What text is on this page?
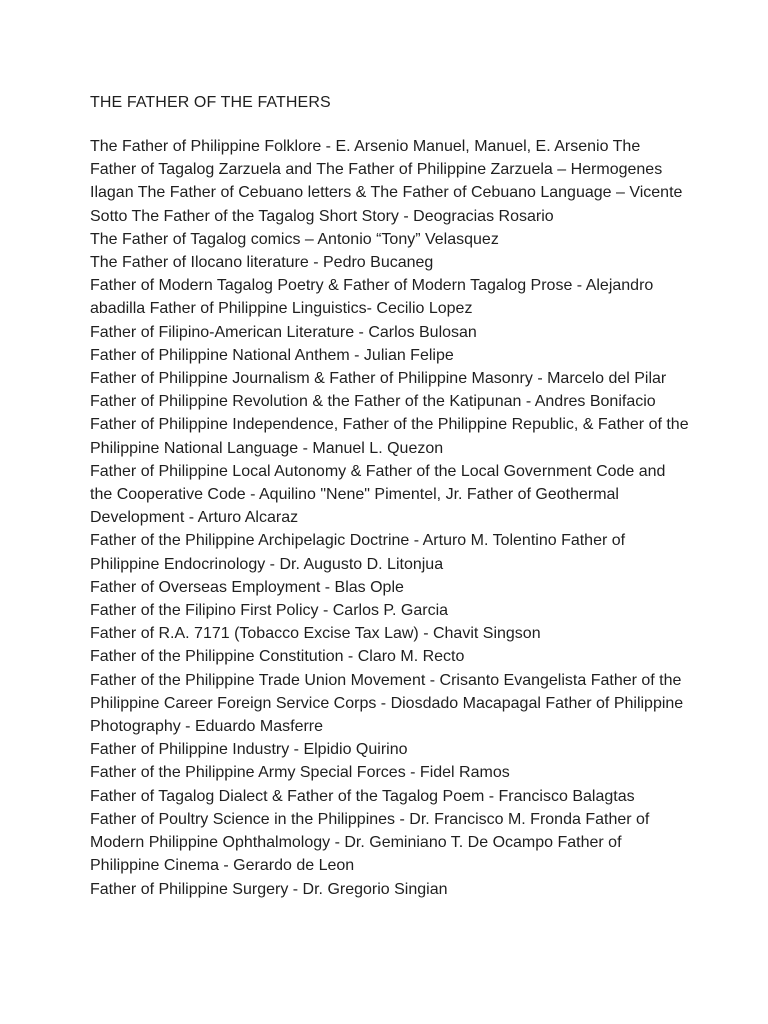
THE FATHER OF THE FATHERS

The Father of Philippine Folklore - E. Arsenio Manuel, Manuel, E. Arsenio The Father of Tagalog Zarzuela and The Father of Philippine Zarzuela – Hermogenes Ilagan The Father of Cebuano letters & The Father of Cebuano Language – Vicente Sotto The Father of the Tagalog Short Story - Deogracias Rosario

The Father of Tagalog comics – Antonio “Tony” Velasquez

The Father of Ilocano literature - Pedro Bucaneg

Father of Modern Tagalog Poetry & Father of Modern Tagalog Prose - Alejandro abadilla Father of Philippine Linguistics- Cecilio Lopez

Father of Filipino-American Literature - Carlos Bulosan

Father of Philippine National Anthem - Julian Felipe

Father of Philippine Journalism & Father of Philippine Masonry - Marcelo del Pilar Father of Philippine Revolution & the Father of the Katipunan - Andres Bonifacio Father of Philippine Independence, Father of the Philippine Republic, & Father of the Philippine National Language - Manuel L. Quezon

Father of Philippine Local Autonomy & Father of the Local Government Code and the Cooperative Code - Aquilino "Nene" Pimentel, Jr. Father of Geothermal Development - Arturo Alcaraz

Father of the Philippine Archipelagic Doctrine - Arturo M. Tolentino Father of Philippine Endocrinology - Dr. Augusto D. Litonjua

Father of Overseas Employment - Blas Ople

Father of the Filipino First Policy - Carlos P. Garcia

Father of R.A. 7171 (Tobacco Excise Tax Law) - Chavit Singson

Father of the Philippine Constitution - Claro M. Recto

Father of the Philippine Trade Union Movement - Crisanto Evangelista Father of the Philippine Career Foreign Service Corps - Diosdado Macapagal Father of Philippine Photography - Eduardo Masferre

Father of Philippine Industry - Elpidio Quirino

Father of the Philippine Army Special Forces - Fidel Ramos

Father of Tagalog Dialect & Father of the Tagalog Poem - Francisco Balagtas

Father of Poultry Science in the Philippines - Dr. Francisco M. Fronda Father of Modern Philippine Ophthalmology - Dr. Geminiano T. De Ocampo Father of Philippine Cinema - Gerardo de Leon

Father of Philippine Surgery - Dr. Gregorio Singian
